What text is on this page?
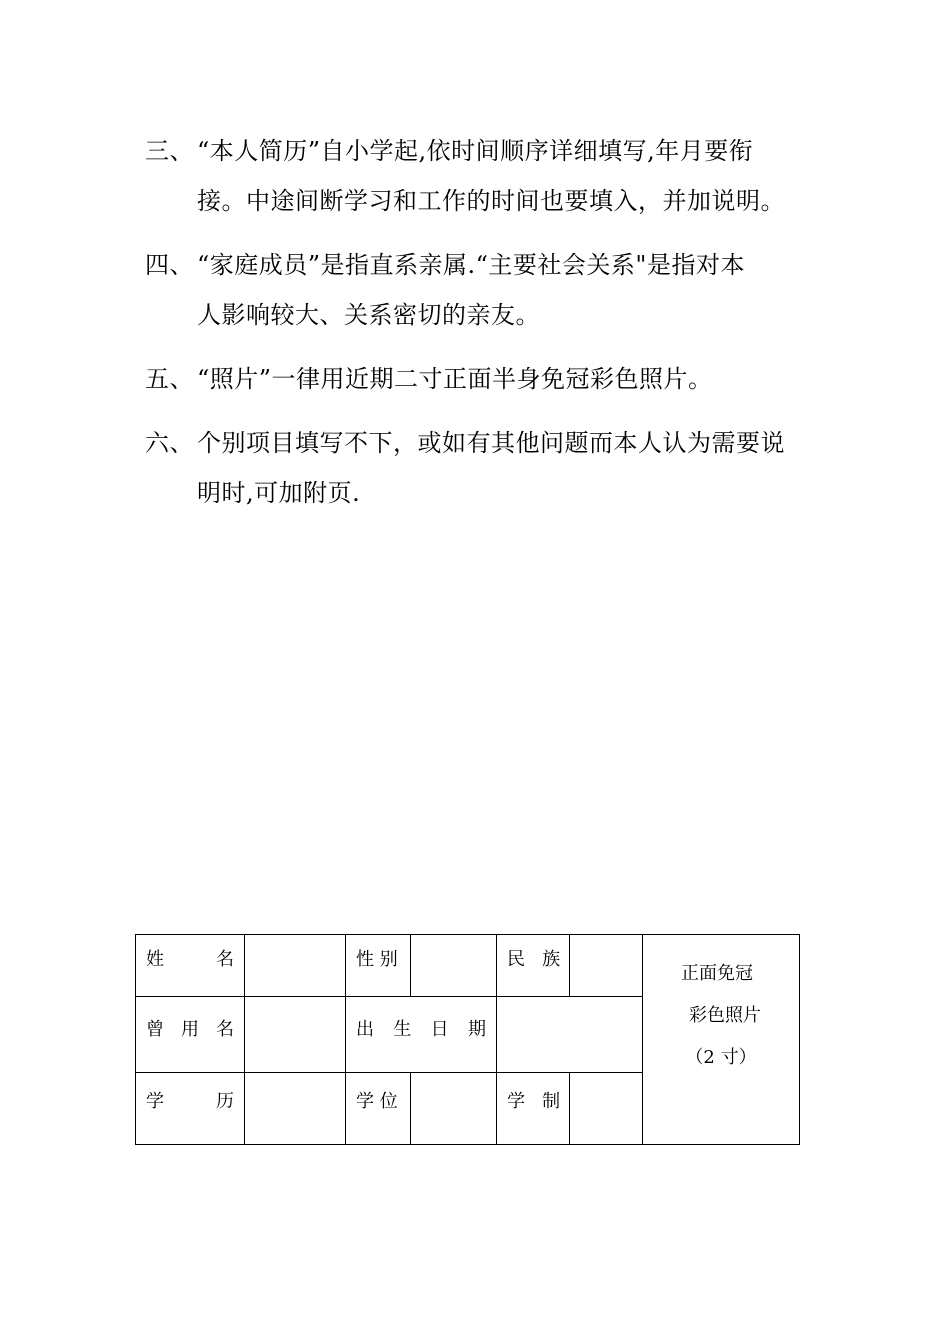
三、 “本人简历”自小学起,依时间顺序详细填写,年月要衔
接。中途间断学习和工作的时间也要填入，并加说明。
四、 “家庭成员”是指直系亲属.“主要社会关系"是指对本
人影响较大、关系密切的亲友。
五、 “照片”一律用近期二寸正面半身免冠彩色照片。
六、 个别项目填写不下，或如有其他问题而本人认为需要说
明时,可加附页.
姓 名		性 别		民 族		正面免冠
彩色照片
（2 寸）

曾 用 名		出 生 日 期				

学 历		学 位		学 制		
